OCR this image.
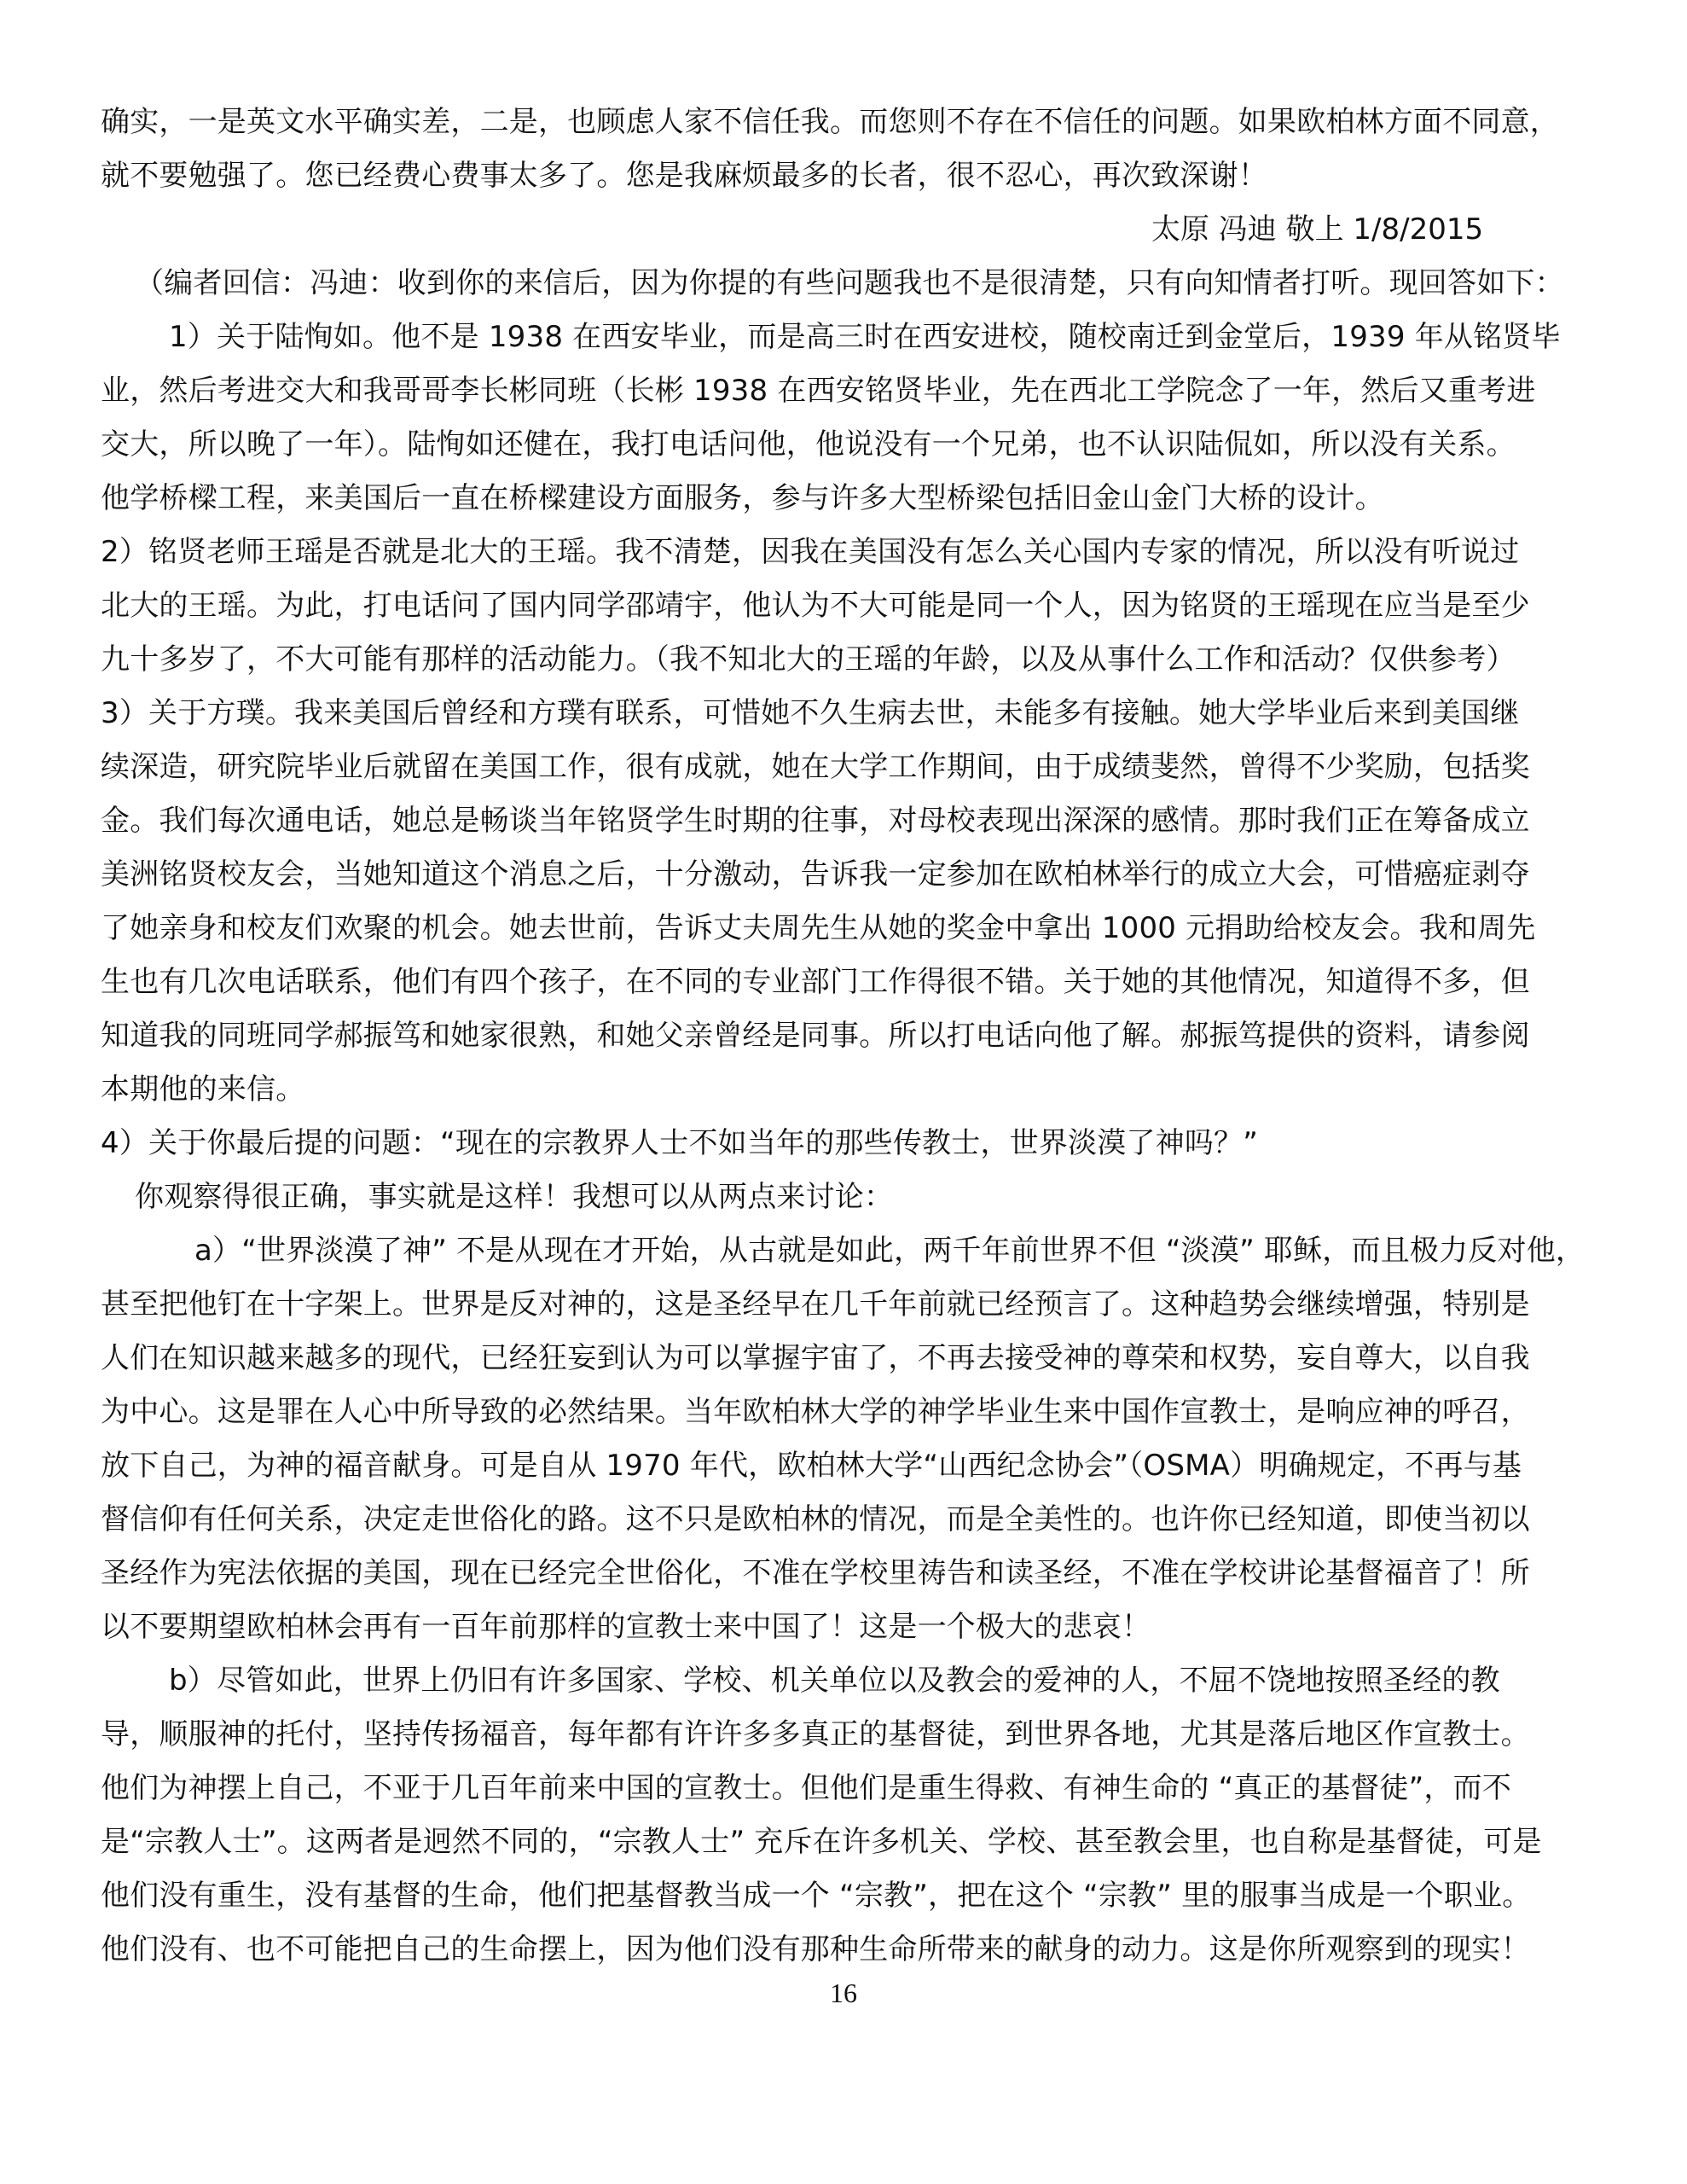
确实，一是英文水平确实差，二是，也顾虑人家不信任我。而您则不存在不信任的问题。如果欧柏林方面不同意，
就不要勉强了。您已经费心费事太多了。您是我麻烦最多的长者，很不忍心，再次致深谢！
（编者回信：冯迪：收到你的来信后，因为你提的有些问题我也不是很清楚，只有向知情者打听。现回答如下：
1）关于陆恂如。他不是 1938 在西安毕业，而是高三时在西安进校，随校南迁到金堂后，1939 年从铭贤毕
业，然后考进交大和我哥哥李长彬同班（长彬 1938 在西安铭贤毕业，先在西北工学院念了一年，然后又重考进
交大，所以晚了一年）。陆恂如还健在，我打电话问他，他说没有一个兄弟，也不认识陆侃如，所以没有关系。
他学桥樑工程，来美国后一直在桥樑建设方面服务，参与许多大型桥梁包括旧金山金门大桥的设计。
2）铭贤老师王瑶是否就是北大的王瑶。我不清楚，因我在美国没有怎么关心国内专家的情况，所以没有听说过
北大的王瑶。为此，打电话问了国内同学邵靖宇，他认为不大可能是同一个人，因为铭贤的王瑶现在应当是至少
九十多岁了，不大可能有那样的活动能力。（我不知北大的王瑶的年龄，以及从事什么工作和活动？仅供参考）
3）关于方璞。我来美国后曾经和方璞有联系，可惜她不久生病去世，未能多有接触。她大学毕业后来到美国继
续深造，研究院毕业后就留在美国工作，很有成就，她在大学工作期间，由于成绩斐然，曾得不少奖励，包括奖
金。我们每次通电话，她总是畅谈当年铭贤学生时期的往事，对母校表现出深深的感情。那时我们正在筹备成立
美洲铭贤校友会，当她知道这个消息之后，十分激动，告诉我一定参加在欧柏林举行的成立大会，可惜癌症剥夺
了她亲身和校友们欢聚的机会。她去世前，告诉丈夫周先生从她的奖金中拿出 1000 元捐助给校友会。我和周先
生也有几次电话联系，他们有四个孩子，在不同的专业部门工作得很不错。关于她的其他情况，知道得不多，但
知道我的同班同学郝振笃和她家很熟，和她父亲曾经是同事。所以打电话向他了解。郝振笃提供的资料，请参阅
本期他的来信。
4）关于你最后提的问题：“现在的宗教界人士不如当年的那些传教士，世界淡漠了神吗？”
你观察得很正确，事实就是这样！我想可以从两点来讨论：
a）“世界淡漠了神” 不是从现在才开始，从古就是如此，两千年前世界不但 “淡漠” 耶稣，而且极力反对他，
甚至把他钉在十字架上。世界是反对神的，这是圣经早在几千年前就已经预言了。这种趋势会继续增强，特别是
人们在知识越来越多的现代，已经狂妄到认为可以掌握宇宙了，不再去接受神的尊荣和权势，妄自尊大，以自我
为中心。这是罪在人心中所导致的必然结果。当年欧柏林大学的神学毕业生来中国作宣教士，是响应神的呼召，
放下自己，为神的福音献身。可是自从 1970 年代，欧柏林大学“山西纪念协会”（OSMA）明确规定，不再与基
督信仰有任何关系，决定走世俗化的路。这不只是欧柏林的情况，而是全美性的。也许你已经知道，即使当初以
圣经作为宪法依据的美国，现在已经完全世俗化，不准在学校里祷告和读圣经，不准在学校讲论基督福音了！所
以不要期望欧柏林会再有一百年前那样的宣教士来中国了！这是一个极大的悲哀！
b）尽管如此，世界上仍旧有许多国家、学校、机关单位以及教会的爱神的人，不屈不饶地按照圣经的教
导，顺服神的托付，坚持传扬福音，每年都有许许多多真正的基督徒，到世界各地，尤其是落后地区作宣教士。
他们为神摆上自己，不亚于几百年前来中国的宣教士。但他们是重生得救、有神生命的 “真正的基督徒”，而不
是“宗教人士”。这两者是迥然不同的，“宗教人士” 充斥在许多机关、学校、甚至教会里，也自称是基督徒，可是
他们没有重生，没有基督的生命，他们把基督教当成一个 “宗教”，把在这个 “宗教” 里的服事当成是一个职业。
他们没有、也不可能把自己的生命摆上，因为他们没有那种生命所带来的献身的动力。这是你所观察到的现实！
太原 冯迪 敬上 1/8/2015
16
